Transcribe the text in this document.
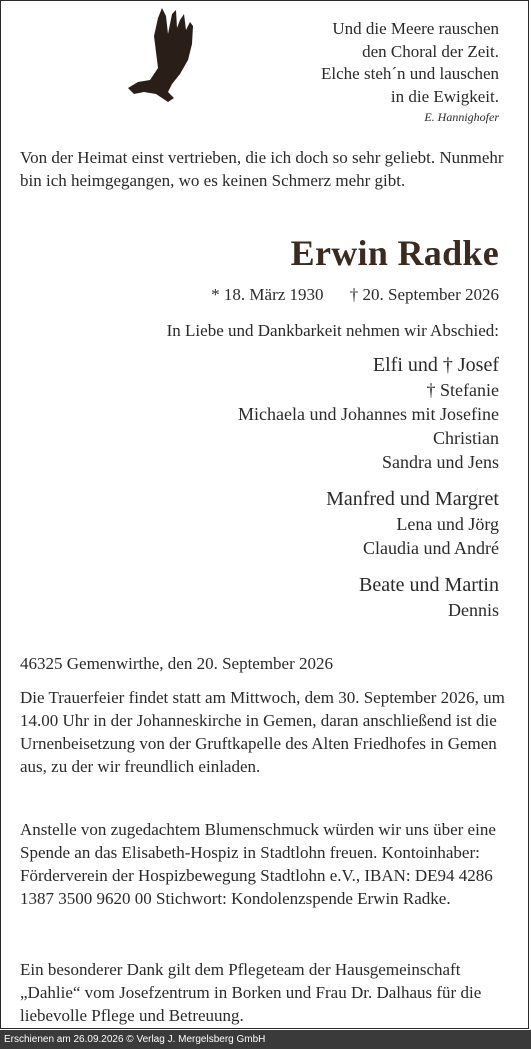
Und die Meere rauschen
den Choral der Zeit.
Elche steh´n und lauschen
in die Ewigkeit.
E. Hannighofer
Von der Heimat einst vertrieben, die ich doch so sehr geliebt. Nunmehr bin ich heimgegangen, wo es keinen Schmerz mehr gibt.
Erwin Radke
* 18. März 1930 † 20. September 2026
In Liebe und Dankbarkeit nehmen wir Abschied:
Elfi und † Josef
† Stefanie
Michaela und Johannes mit Josefine
Christian
Sandra und Jens
Manfred und Margret
Lena und Jörg
Claudia und André
Beate und Martin
Dennis
46325 Gemenwirthe, den 20. September 2026
Die Trauerfeier findet statt am Mittwoch, dem 30. September 2026, um 14.00 Uhr in der Johanneskirche in Gemen, daran anschließend ist die Urnenbeisetzung von der Gruftkapelle des Alten Friedhofes in Gemen aus, zu der wir freundlich einladen.
Anstelle von zugedachtem Blumenschmuck würden wir uns über eine Spende an das Elisabeth-Hospiz in Stadtlohn freuen. Kontoinhaber: Förderverein der Hospizbewegung Stadtlohn e.V., IBAN: DE94 4286 1387 3500 9620 00 Stichwort: Kondolenzspende Erwin Radke.
Ein besonderer Dank gilt dem Pflegeteam der Hausgemeinschaft „Dahlie“ vom Josefzentrum in Borken und Frau Dr. Dalhaus für die liebevolle Pflege und Betreuung.
Erschienen am 26.09.2026 © Verlag J. Mergelsberg GmbH
